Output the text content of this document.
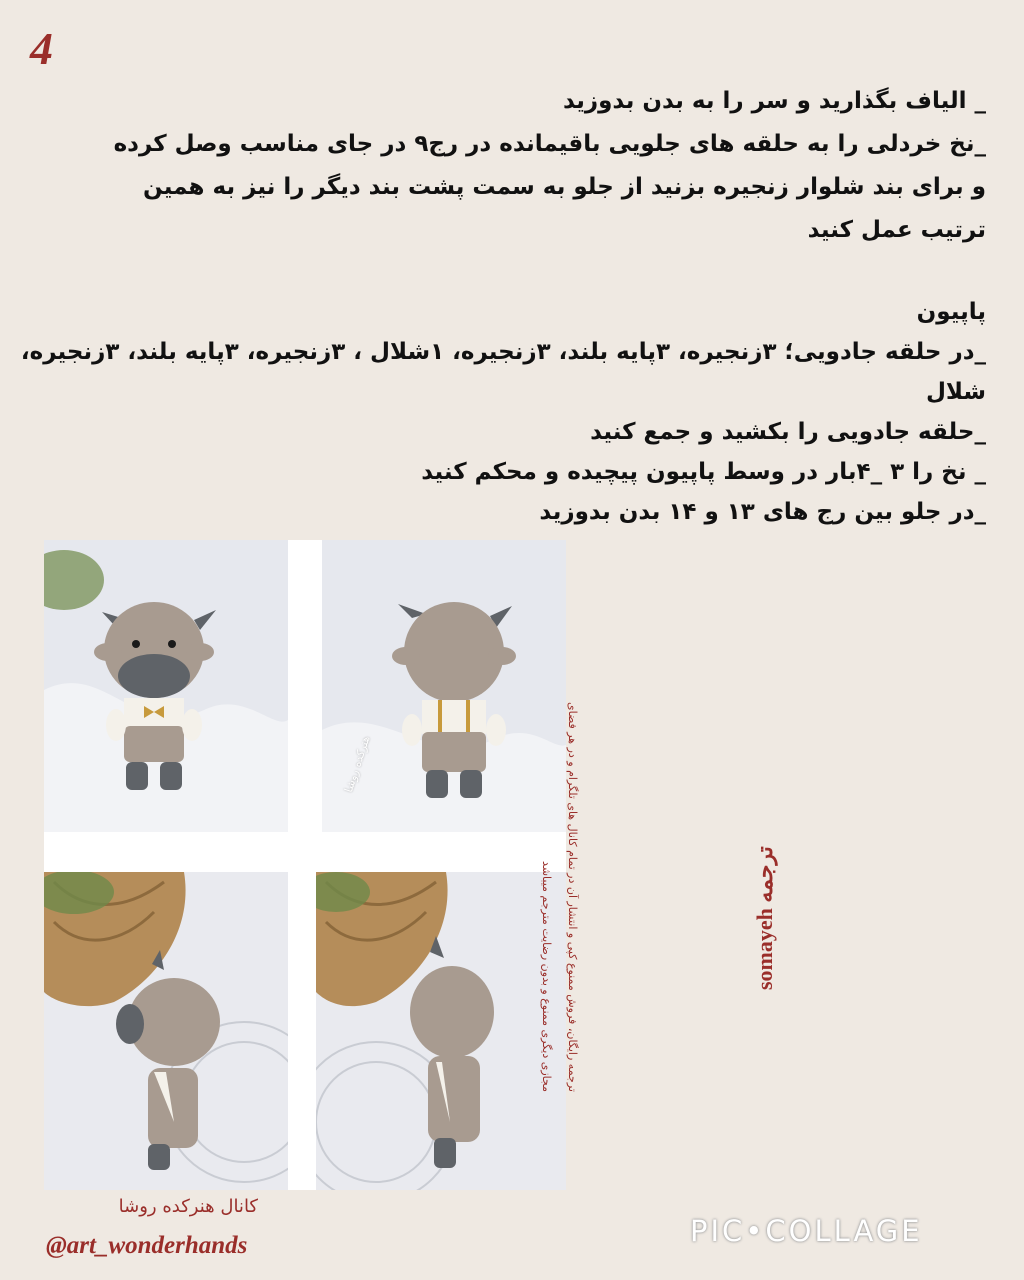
4
_ الیاف بگذارید و سر را به بدن بدوزید
_نخ خردلی را به حلقه های جلویی باقیمانده در رج۹ در جای مناسب وصل کرده
و برای بند شلوار زنجیره بزنید از جلو به سمت پشت بند دیگر را نیز به همین
ترتیب عمل کنید
پاپیون
_در حلقه جادویی؛ ۳زنجیره، ۳پایه بلند، ۳زنجیره، ۱شلال ، ۳زنجیره، ۳پایه بلند، ۳زنجیره،
شلال
_حلقه جادویی را بکشید و جمع کنید
_ نخ را ۳ _۴بار در وسط پاپیون پیچیده و محکم کنید
_در جلو بین رج های ۱۳ و ۱۴ بدن بدوزید
هنرکده روشا	ترجمه رایگان، فروش ممنوع کپی و انتشار آن در تمام کانال های تلگرام و در هر فضای
مجازی دیگری ممنوع و بدون رضایت مترجم میباشد	somayeh ترجمه
کانال هنرکده روشا
@art_wonderhands	PIC•COLLAGE
